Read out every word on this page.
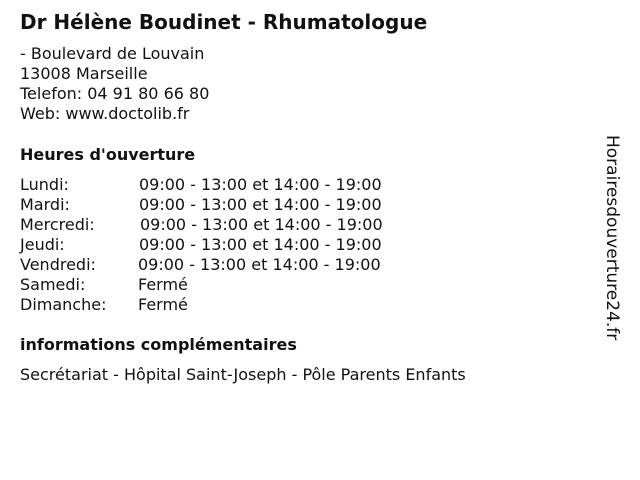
Dr Hélène Boudinet - Rhumatologue
- Boulevard de Louvain
13008 Marseille
Telefon: 04 91 80 66 80
Web: www.doctolib.fr
Heures d'ouverture
Lundi:	09:00 - 13:00 et 14:00 - 19:00
Mardi:	09:00 - 13:00 et 14:00 - 19:00
Mercredi:	09:00 - 13:00 et 14:00 - 19:00
Jeudi:	09:00 - 13:00 et 14:00 - 19:00
Vendredi:	09:00 - 13:00 et 14:00 - 19:00
Samedi:	Fermé
Dimanche: Fermé
informations complémentaires
Secrétariat - Hôpital Saint-Joseph - Pôle Parents Enfants
Horairesdouverture24.fr
